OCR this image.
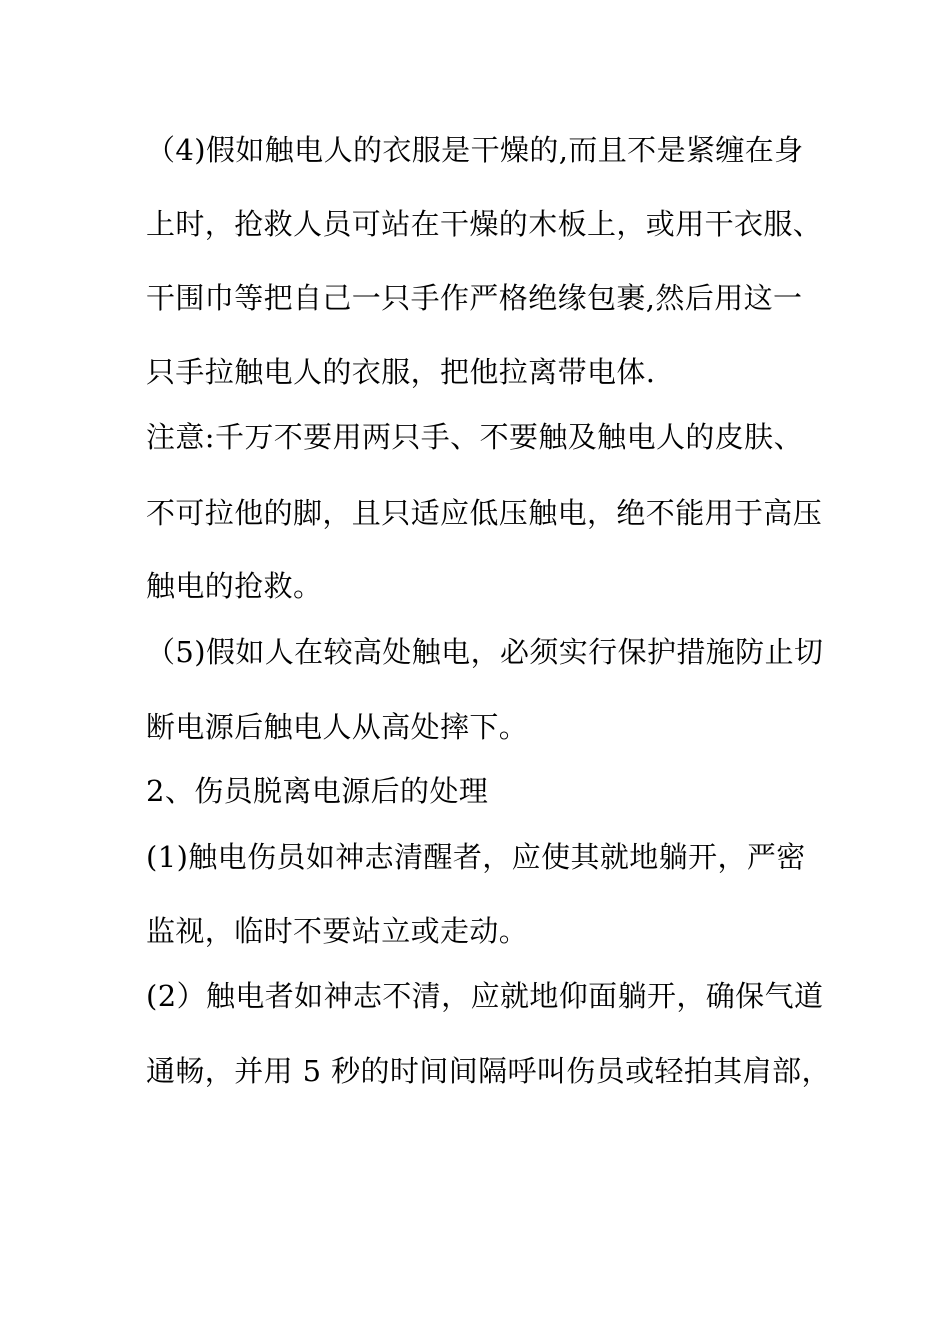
（4)假如触电人的衣服是干燥的,而且不是紧缠在身
上时，抢救人员可站在干燥的木板上，或用干衣服、
干围巾等把自己一只手作严格绝缘包裹,然后用这一
只手拉触电人的衣服，把他拉离带电体.
注意:千万不要用两只手、不要触及触电人的皮肤、
不可拉他的脚，且只适应低压触电，绝不能用于高压
触电的抢救。
（5)假如人在较高处触电，必须实行保护措施防止切
断电源后触电人从高处摔下。
2、伤员脱离电源后的处理
(1)触电伤员如神志清醒者，应使其就地躺开，严密
监视，临时不要站立或走动。
(2）触电者如神志不清，应就地仰面躺开，确保气道
通畅，并用 5 秒的时间间隔呼叫伤员或轻拍其肩部，
